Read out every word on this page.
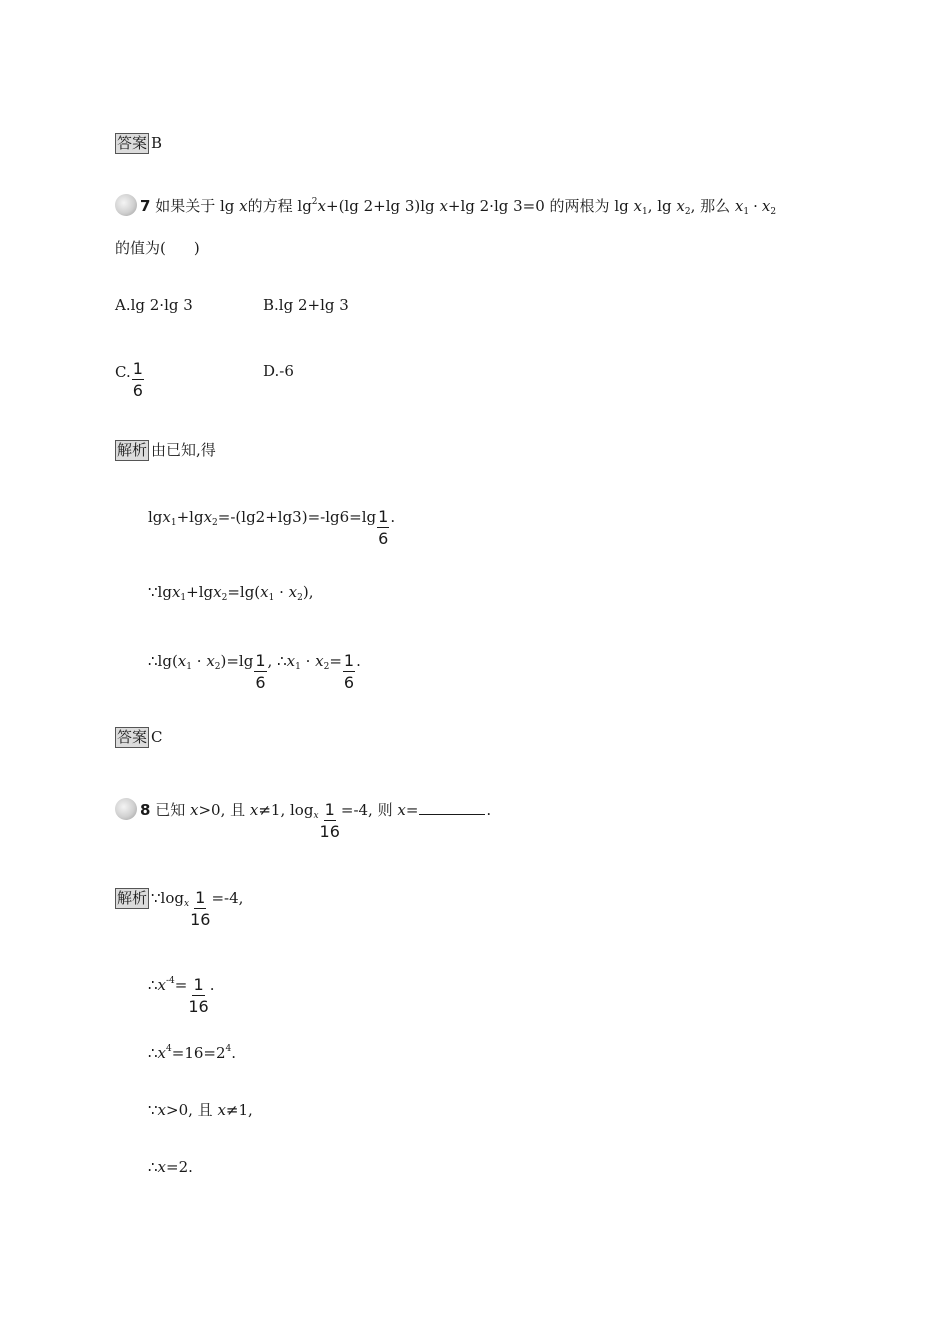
答案 B
7 如果关于 lg x的方程 $\lg^2x+(\lg$ 2+lg 3)lg x+lg 2·lg 3=0 的两根为 $\lg x_1$, $\lg x_2$, 那么 $x_1 \cdot x_2$
的值为( )
A.lg 2·lg 3	B.lg 2+lg 3
C. $\frac{1}{6}$	D.-6
解析 由已知,得
$\lg x_1+\lg x_2=-(\lg 2+\lg 3)=-\lg 6=\lg \frac{1}{6}$ .
$\because\lg x_1+\lg x_2=\lg(x_1 \cdot x_2)$,
$\therefore\lg(x_1 \cdot x_2)=\lg \frac{1}{6}$ , $\therefore x_1 \cdot x_2= \frac{1}{6}$ .
答案 C
8 已知 x>0, 且 x≠1, $\log_x \frac{1}{16} =-4$, 则 x=	.
解析 $\because\log_x \frac{1}{16} =-4$,
$\therefore x^{-4}= \frac{1}{16}$ .
$\therefore x^4=16=2^4$.
∵x>0, 且 x≠1,
∴x=2.
